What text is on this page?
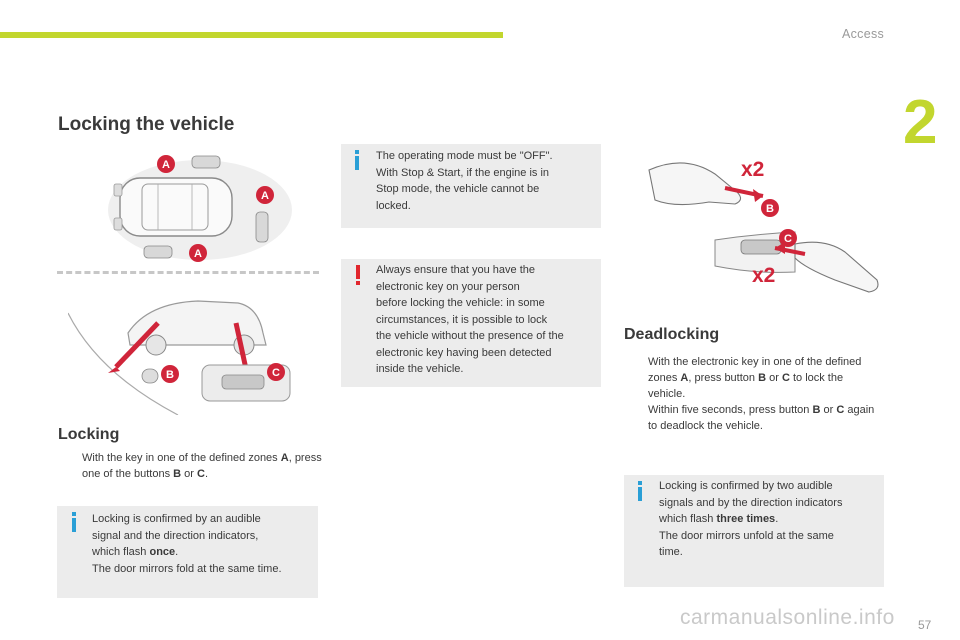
Access
2
Locking the vehicle
A
A
A
B	C
Locking
With the key in one of the defined zones A, press one of the buttons B or C.
Locking is confirmed by an audible
signal and the direction indicators,
which flash once.
The door mirrors fold at the same time.
The operating mode must be "OFF".
With Stop & Start, if the engine is in
Stop mode, the vehicle cannot be
locked.
Always ensure that you have the
electronic key on your person
before locking the vehicle: in some
circumstances, it is possible to lock
the vehicle without the presence of the
electronic key having been detected
inside the vehicle.
x2
B
C
x2
Deadlocking
With the electronic key in one of the defined zones A, press button B or C to lock the vehicle.
Within five seconds, press button B or C again to deadlock the vehicle.
Locking is confirmed by two audible
signals and by the direction indicators
which flash three times.
The door mirrors unfold at the same
time.
carmanualsonline.info 57
